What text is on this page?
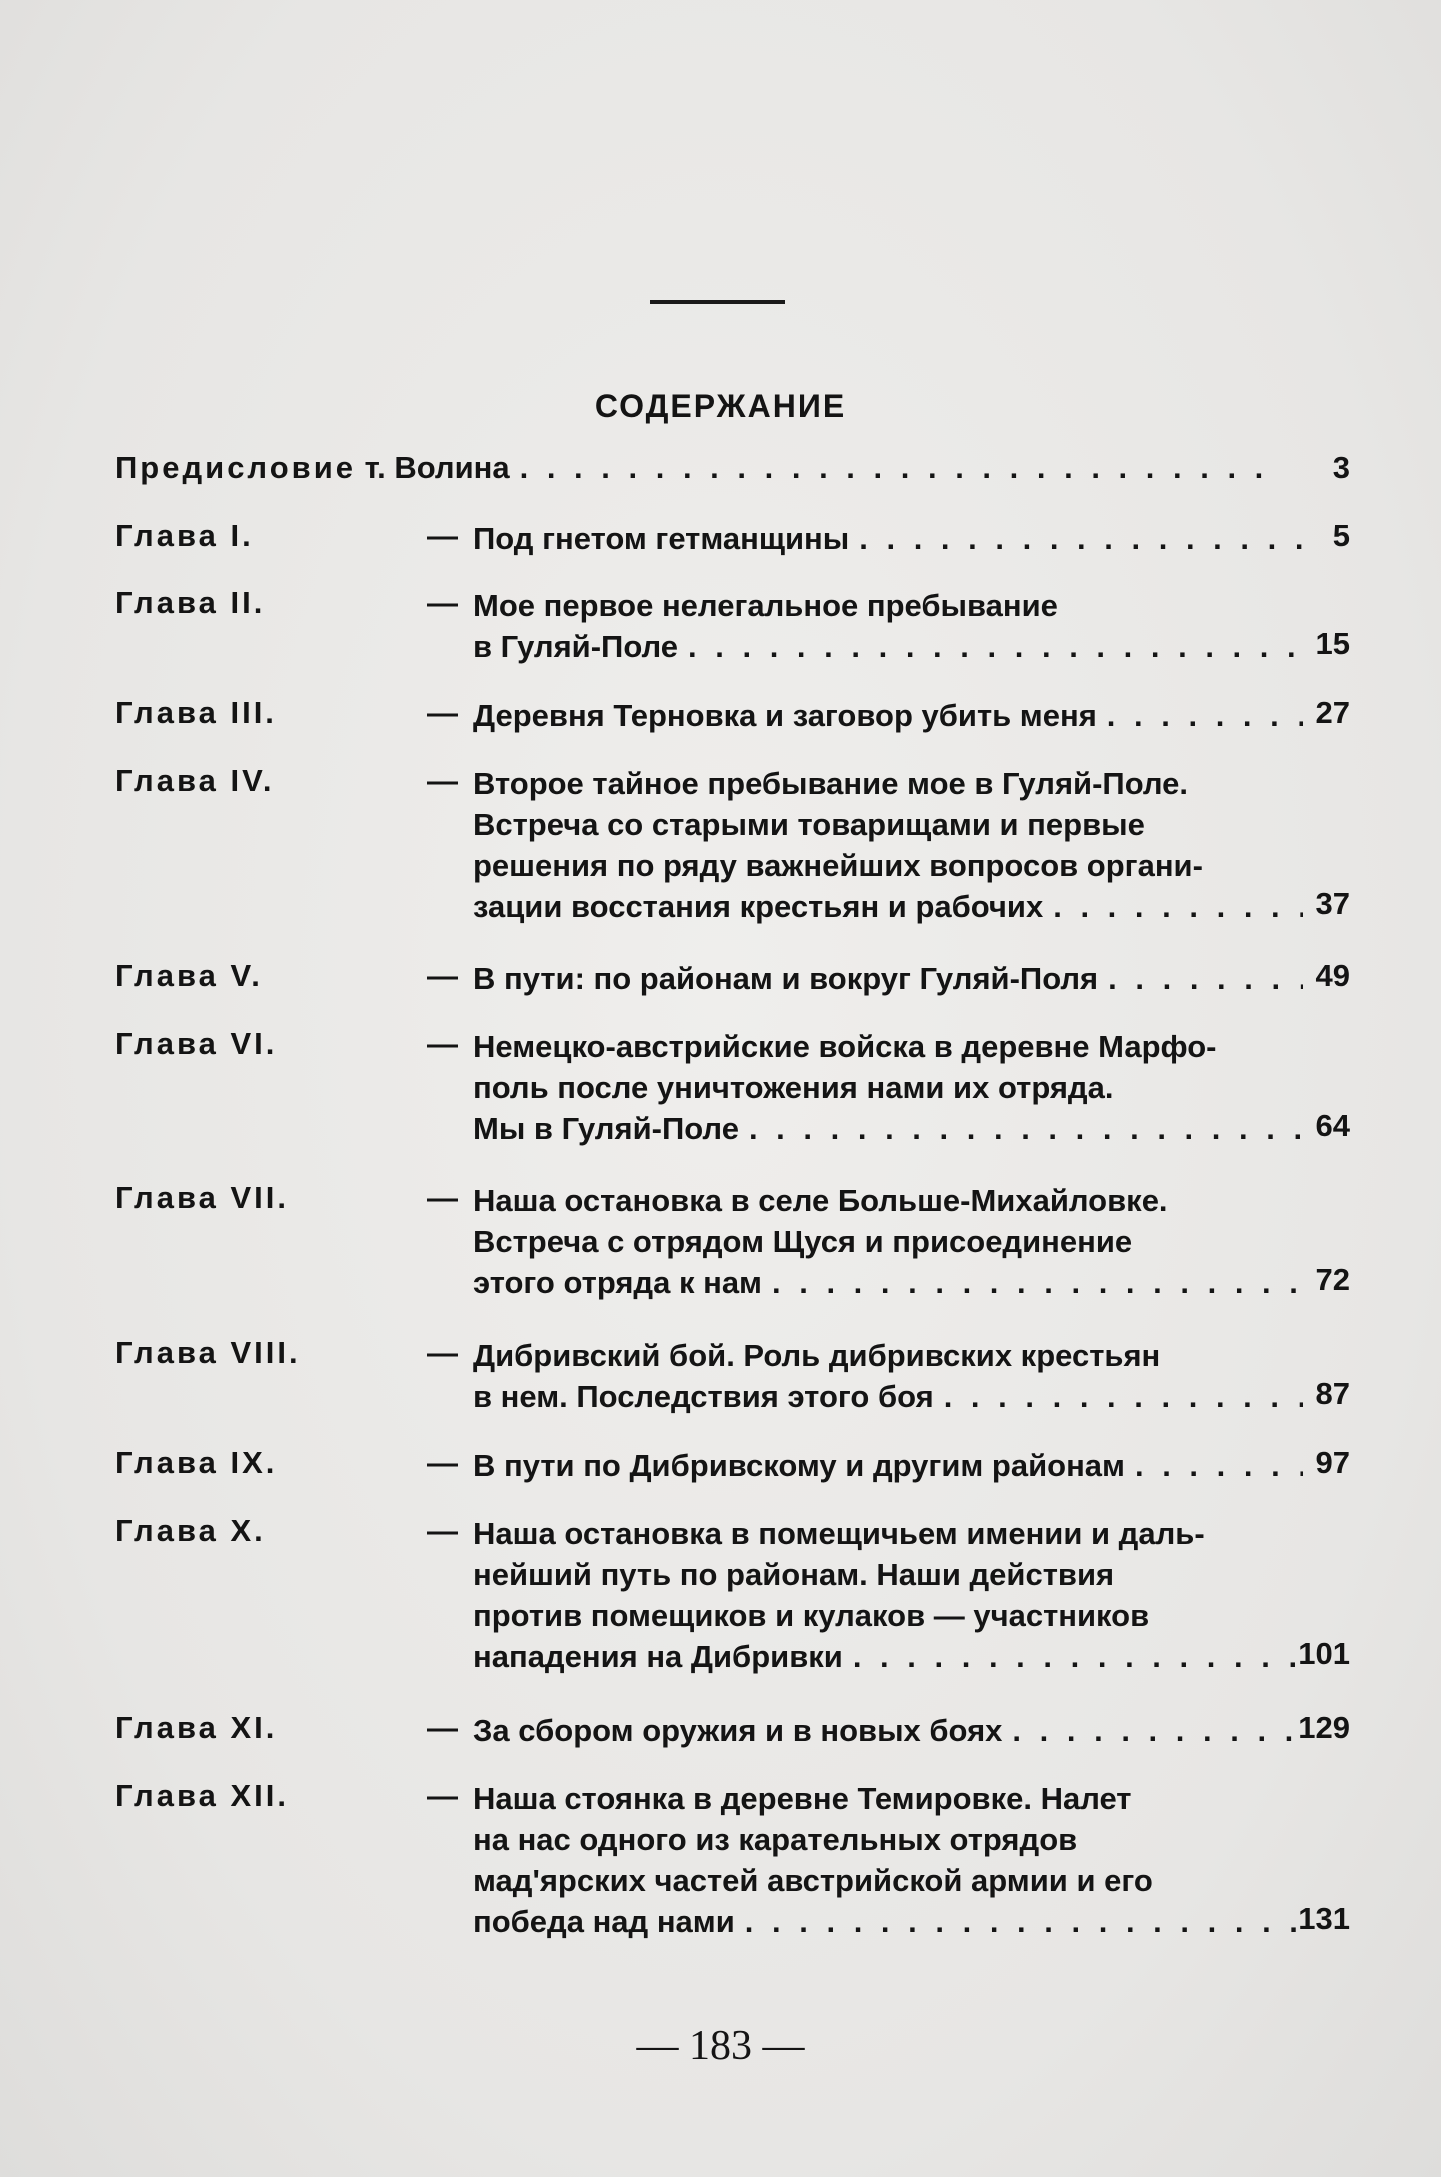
СОДЕРЖАНИЕ
Предисловие т. Волина . . .	3
Глава I.	— Под гнетом гетманщины . . .	5
Глава II.	— Мое первое нелегальное пребывание
в Гуляй-Поле . . .	15
Глава III.	— Деревня Терновка и заговор убить меня . . .	27
Глава IV.	— Второе тайное пребывание мое в Гуляй-Поле.
Встреча со старыми товарищами и первые
решения по ряду важнейших вопросов органи-
зации восстания крестьян и рабочих . . .	37
Глава V.	— В пути: по районам и вокруг Гуляй-Поля . . .	49
Глава VI.	— Немецко-австрийские войска в деревне Марфо-
поль после уничтожения нами их отряда.
Мы в Гуляй-Поле . . .	64
Глава VII.	— Наша остановка в селе Больше-Михайловке.
Встреча с отрядом Щуся и присоединение
этого отряда к нам . . .	72
Глава VIII.	— Дибривский бой. Роль дибривских крестьян
в нем. Последствия этого боя . . .	87
Глава IX.	— В пути по Дибривскому и другим районам . . .	97
Глава X.	— Наша остановка в помещичьем имении и даль-
нейший путь по районам. Наши действия
против помещиков и кулаков — участников
нападения на Дибривки . . .	101
Глава XI.	— За сбором оружия и в новых боях . . .	129
Глава XII.	— Наша стоянка в деревне Темировке. Налет
на нас одного из карательных отрядов
мад'ярских частей австрийской армии и его
победа над нами . . .	131
— 183 —
